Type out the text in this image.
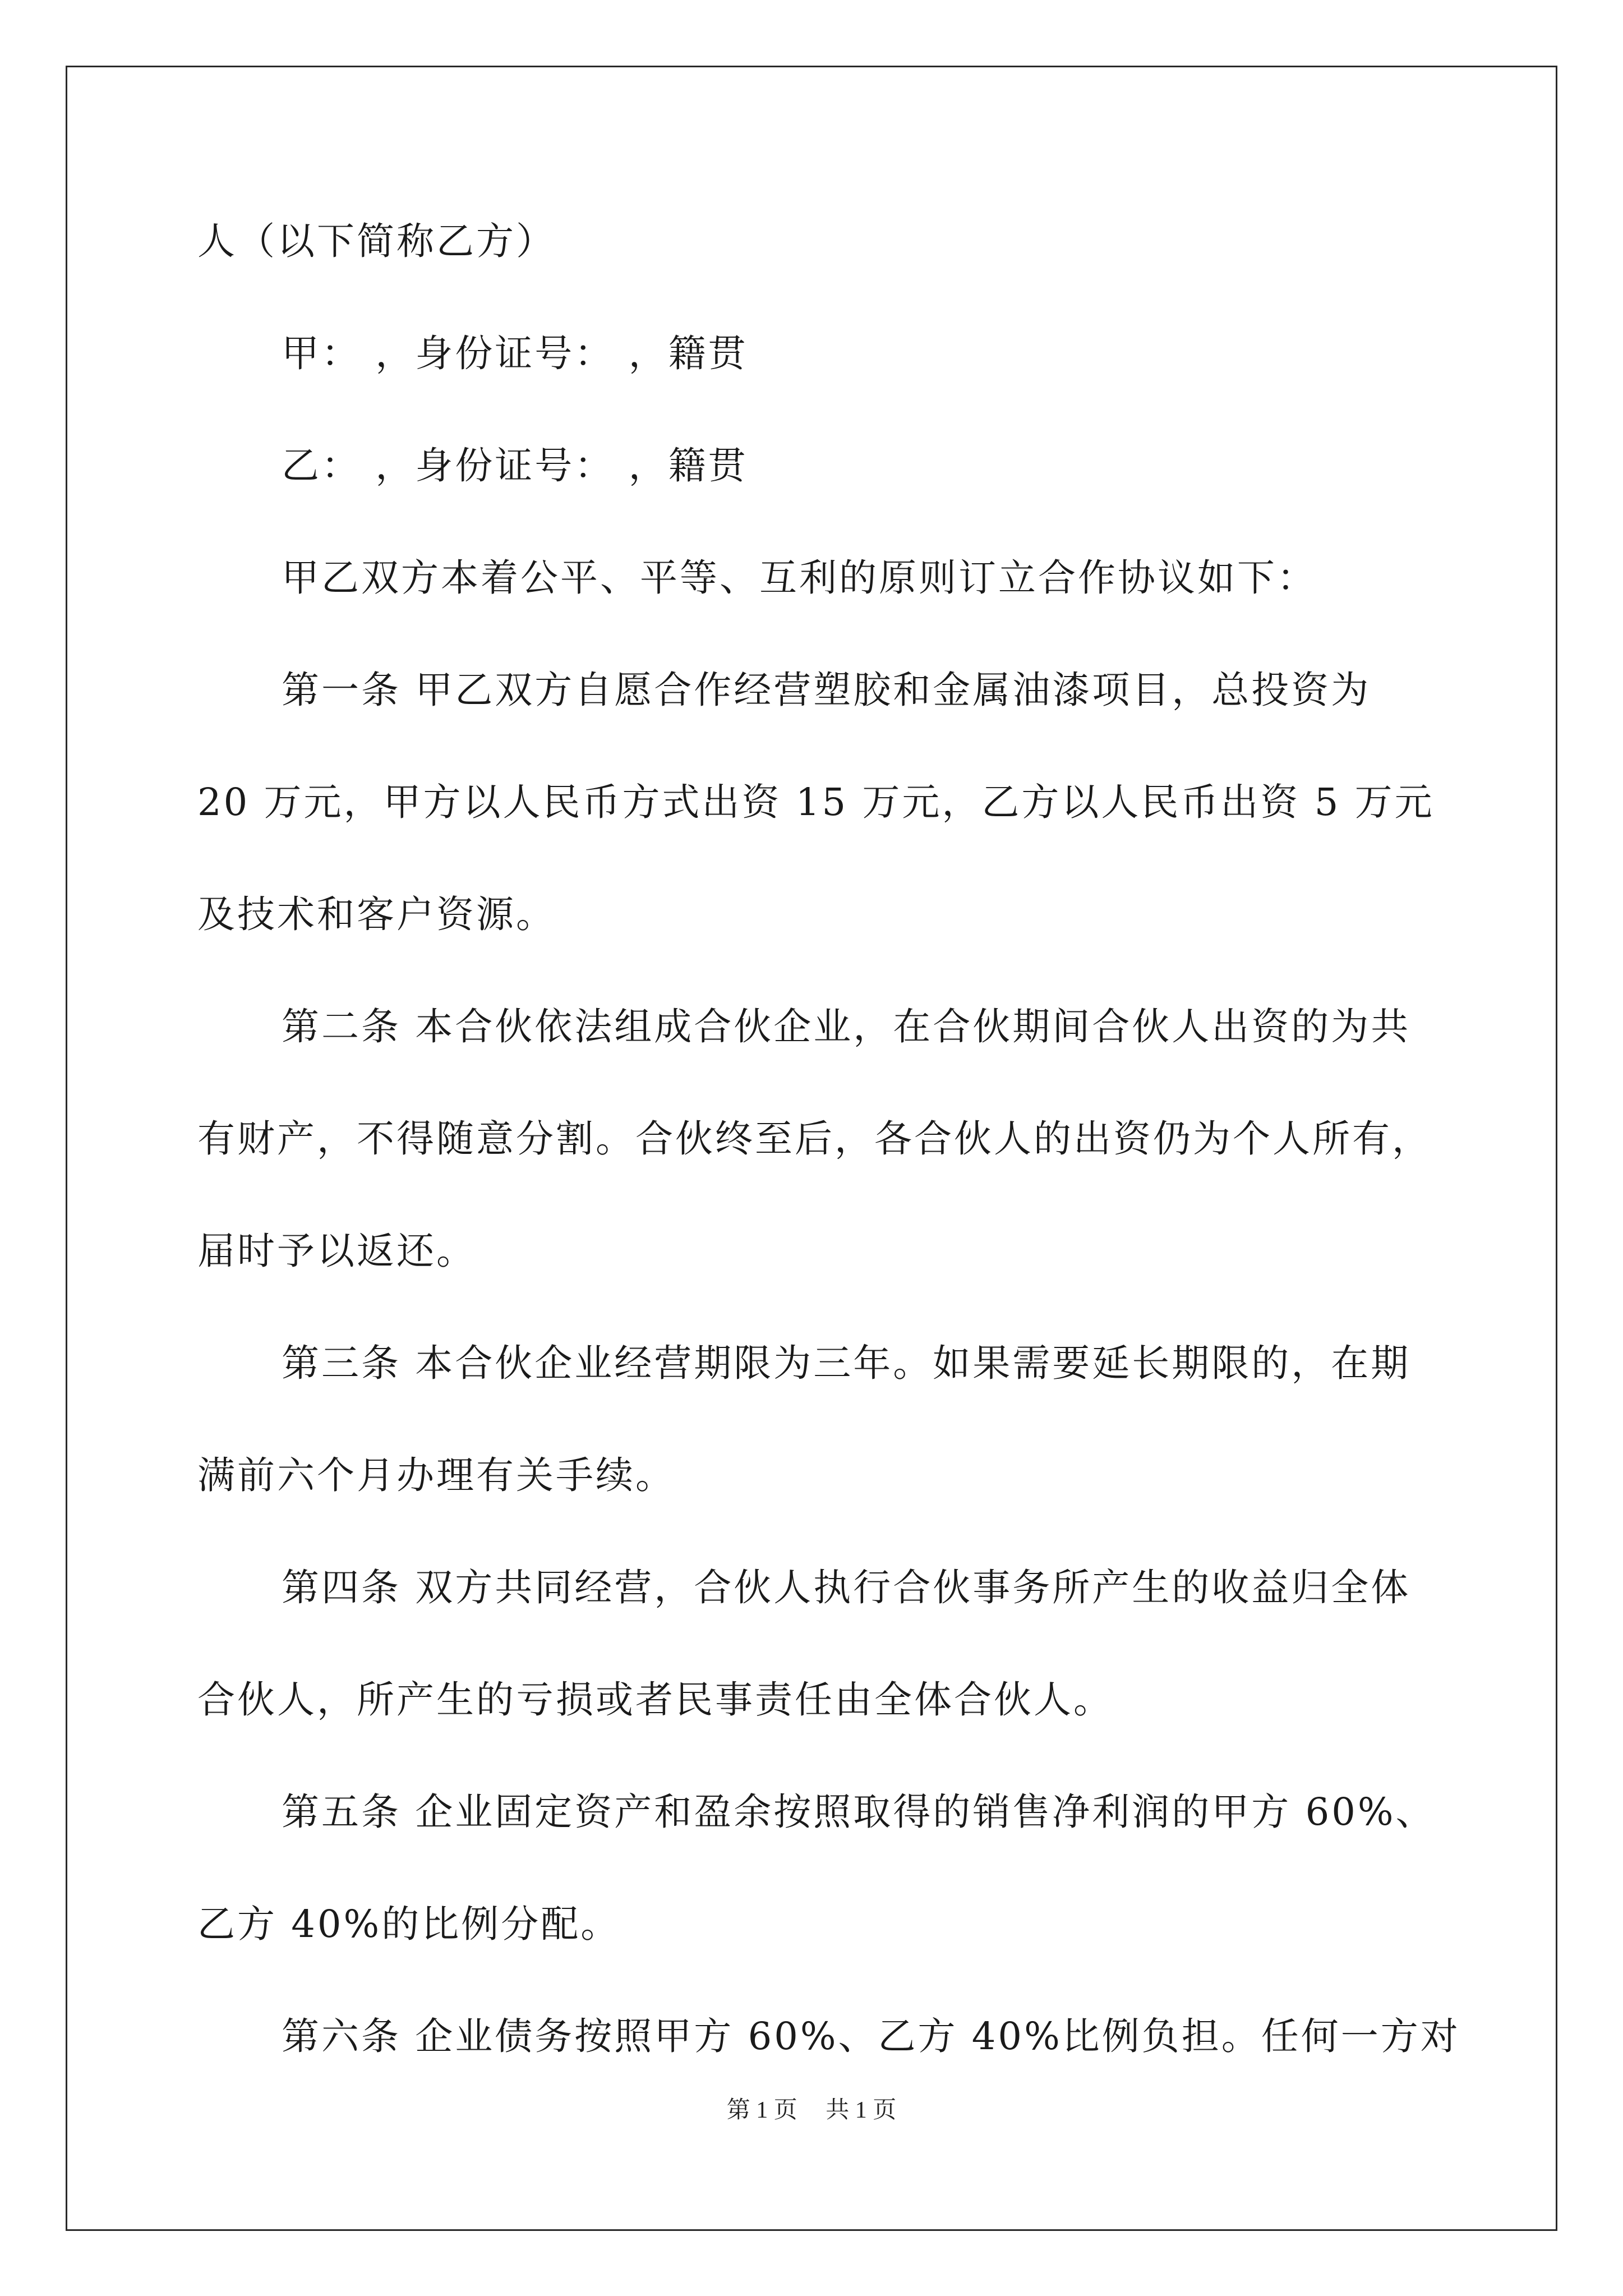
人（以下简称乙方）
甲： ，身份证号： ，籍贯
乙： ，身份证号： ，籍贯
甲乙双方本着公平、平等、互利的原则订立合作协议如下：
第一条 甲乙双方自愿合作经营塑胶和金属油漆项目，总投资为
20 万元，甲方以人民币方式出资 15 万元，乙方以人民币出资 5 万元
及技术和客户资源。
第二条 本合伙依法组成合伙企业，在合伙期间合伙人出资的为共
有财产，不得随意分割。合伙终至后，各合伙人的出资仍为个人所有，
届时予以返还。
第三条 本合伙企业经营期限为三年。如果需要延长期限的，在期
满前六个月办理有关手续。
第四条 双方共同经营，合伙人执行合伙事务所产生的收益归全体
合伙人，所产生的亏损或者民事责任由全体合伙人。
第五条 企业固定资产和盈余按照取得的销售净利润的甲方 60%、
乙方 40%的比例分配。
第六条 企业债务按照甲方 60%、乙方 40%比例负担。任何一方对
第 1 页 共 1 页
